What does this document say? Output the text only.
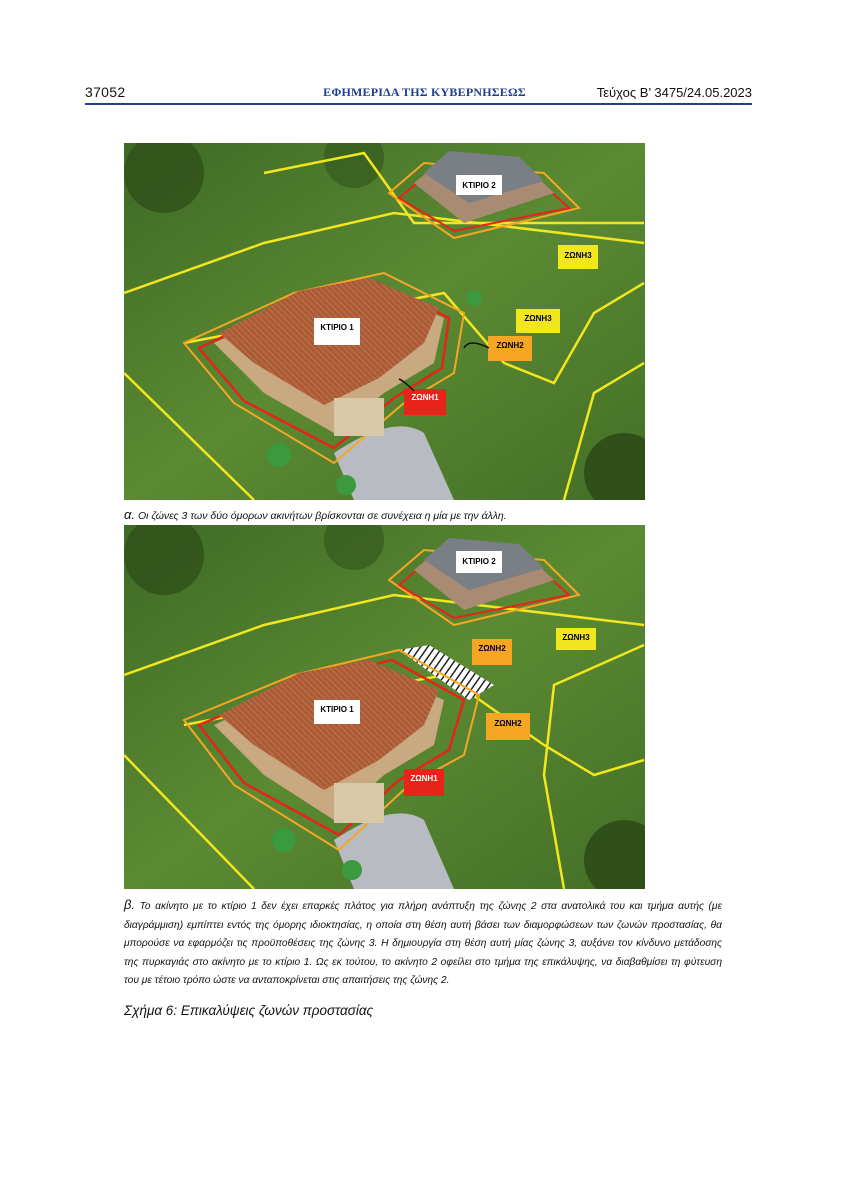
37052	ΕΦΗΜΕΡΙΔΑ ΤΗΣ ΚΥΒΕΡΝΗΣΕΩΣ	Τεύχος Β’ 3475/24.05.2023
ΚΤΙΡΙΟ 2
ΚΤΙΡΙΟ 1
ΖΩΝΗ3
ΖΩΝΗ3
ΖΩΝΗ2
ΖΩΝΗ1
α. Οι ζώνες 3 των δύο όμορων ακινήτων βρίσκονται σε συνέχεια η μία με την άλλη.
ΚΤΙΡΙΟ 2
ΚΤΙΡΙΟ 1
ΖΩΝΗ3
ΖΩΝΗ2
ΖΩΝΗ2
ΖΩΝΗ1
β. Το ακίνητο με το κτίριο 1 δεν έχει επαρκές πλάτος για πλήρη ανάπτυξη της ζώνης 2 στα ανατολικά του και τμήμα αυτής (με διαγράμμιση) εμπίπτει εντός της όμορης ιδιοκτησίας, η οποία στη θέση αυτή βάσει των διαμορφώσεων των ζωνών προστασίας, θα μπορούσε να εφαρμόζει τις προϋποθέσεις της ζώνης 3. Η δημιουργία στη θέση αυτή μίας ζώνης 3, αυξάνει τον κίνδυνο μετάδοσης της πυρκαγιάς στο ακίνητο με το κτίριο 1. Ως εκ τούτου, το ακίνητο 2 οφείλει στο τμήμα της επικάλυψης, να διαβαθμίσει τη φύτευση του με τέτοιο τρόπο ώστε να ανταποκρίνεται στις απαιτήσεις της ζώνης 2.
Σχήμα 6: Επικαλύψεις ζωνών προστασίας
